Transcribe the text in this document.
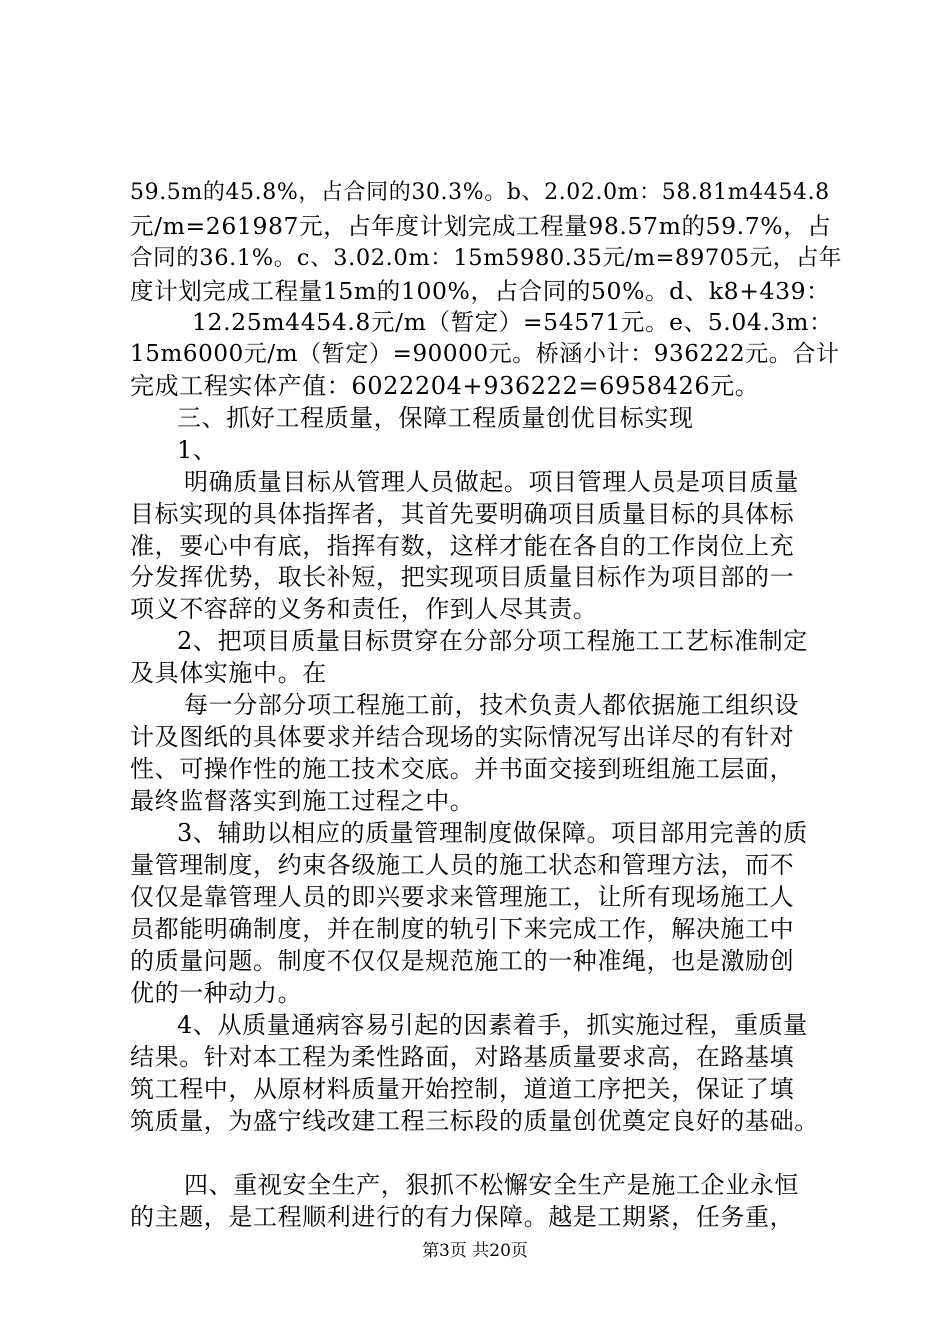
59.5m的45.8%，占合同的30.3%。b、2.02.0m：58.81m4454.8
元/m=261987元，占年度计划完成工程量98.57m的59.7%，占
合同的36.1%。c、3.02.0m：15m5980.35元/m=89705元，占年
度计划完成工程量15m的100%，占合同的50%。d、k8+439：
12.25m4454.8元/m（暂定）=54571元。e、5.04.3m：
15m6000元/m（暂定）=90000元。桥涵小计：936222元。合计
完成工程实体产值：6022204+936222=6958426元。
三、抓好工程质量，保障工程质量创优目标实现
1、
明确质量目标从管理人员做起。项目管理人员是项目质量
目标实现的具体指挥者，其首先要明确项目质量目标的具体标
准，要心中有底，指挥有数，这样才能在各自的工作岗位上充
分发挥优势，取长补短，把实现项目质量目标作为项目部的一
项义不容辞的义务和责任，作到人尽其责。
2、把项目质量目标贯穿在分部分项工程施工工艺标准制定
及具体实施中。在
每一分部分项工程施工前，技术负责人都依据施工组织设
计及图纸的具体要求并结合现场的实际情况写出详尽的有针对
性、可操作性的施工技术交底。并书面交接到班组施工层面，
最终监督落实到施工过程之中。
3、辅助以相应的质量管理制度做保障。项目部用完善的质
量管理制度，约束各级施工人员的施工状态和管理方法，而不
仅仅是靠管理人员的即兴要求来管理施工，让所有现场施工人
员都能明确制度，并在制度的轨引下来完成工作，解决施工中
的质量问题。制度不仅仅是规范施工的一种准绳，也是激励创
优的一种动力。
4、从质量通病容易引起的因素着手，抓实施过程，重质量
结果。针对本工程为柔性路面，对路基质量要求高，在路基填
筑工程中，从原材料质量开始控制，道道工序把关，保证了填
筑质量，为盛宁线改建工程三标段的质量创优奠定良好的基础。
四、重视安全生产，狠抓不松懈安全生产是施工企业永恒
的主题，是工程顺利进行的有力保障。越是工期紧，任务重，
第3页 共20页
